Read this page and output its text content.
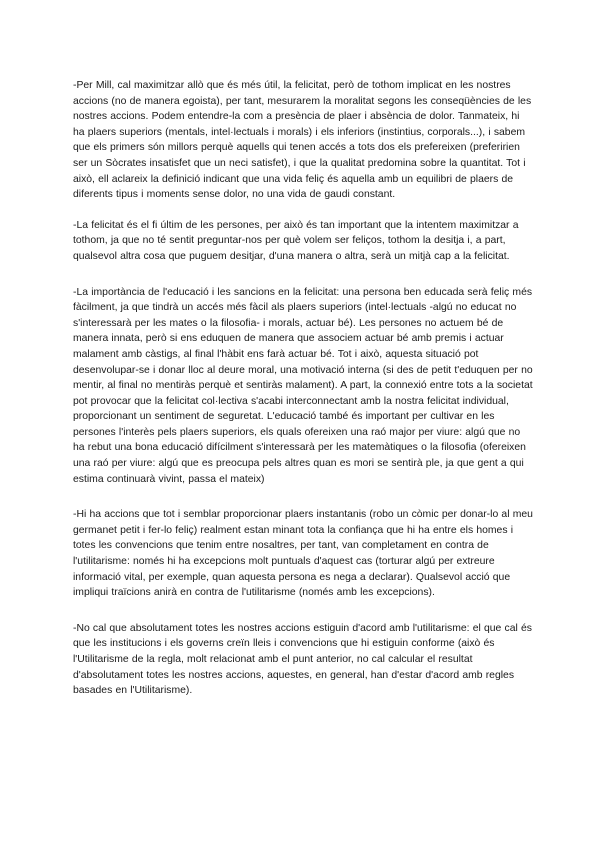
-Per Mill, cal maximitzar allò que és més útil, la felicitat, però de tothom implicat en les nostres accions (no de manera egoista), per tant, mesurarem la moralitat segons les conseqüències de les nostres accions. Podem entendre-la com a presència de plaer i absència de dolor. Tanmateix, hi ha plaers superiors (mentals, intel·lectuals i morals) i els inferiors (instintius, corporals...), i sabem que els primers són millors perquè aquells qui tenen accés a tots dos els prefereixen (preferirien ser un Sòcrates insatisfet que un neci satisfet), i que la qualitat predomina sobre la quantitat. Tot i això, ell aclareix la definició indicant que una vida feliç és aquella amb un equilibri de plaers de diferents tipus i moments sense dolor, no una vida de gaudi constant.

-La felicitat és el fi últim de les persones, per això és tan important que la intentem maximitzar a tothom, ja que no té sentit preguntar-nos per què volem ser feliços, tothom la desitja i, a part, qualsevol altra cosa que puguem desitjar, d'una manera o altra, serà un mitjà cap a la felicitat.

-La importància de l'educació i les sancions en la felicitat: una persona ben educada serà feliç més fàcilment, ja que tindrà un accés més fàcil als plaers superiors (intel·lectuals -algú no educat no s'interessarà per les mates o la filosofia- i morals, actuar bé). Les persones no actuem bé de manera innata, però si ens eduquen de manera que associem actuar bé amb premis i actuar malament amb càstigs, al final l'hàbit ens farà actuar bé. Tot i això, aquesta situació pot desenvolupar-se i donar lloc al deure moral, una motivació interna (si des de petit t'eduquen per no mentir, al final no mentiràs perquè et sentiràs malament). A part, la connexió entre tots a la societat pot provocar que la felicitat col·lectiva s'acabi interconnectant amb la nostra felicitat individual, proporcionant un sentiment de seguretat. L'educació també és important per cultivar en les persones l'interès pels plaers superiors, els quals ofereixen una raó major per viure: algú que no ha rebut una bona educació difícilment s'interessarà per les matemàtiques o la filosofia (ofereixen una raó per viure: algú que es preocupa pels altres quan es mori se sentirà ple, ja que gent a qui estima continuarà vivint, passa el mateix)

-Hi ha accions que tot i semblar proporcionar plaers instantanis (robo un còmic per donar-lo al meu germanet petit i fer-lo feliç) realment estan minant tota la confiança que hi ha entre els homes i totes les convencions que tenim entre nosaltres, per tant, van completament en contra de l'utilitarisme: només hi ha excepcions molt puntuals d'aquest cas (torturar algú per extreure informació vital, per exemple, quan aquesta persona es nega a declarar). Qualsevol acció que impliqui traïcions anirà en contra de l'utilitarisme (només amb les excepcions).

-No cal que absolutament totes les nostres accions estiguin d'acord amb l'utilitarisme: el que cal és que les institucions i els governs creïn lleis i convencions que hi estiguin conforme (això és l'Utilitarisme de la regla, molt relacionat amb el punt anterior, no cal calcular el resultat d'absolutament totes les nostres accions, aquestes, en general, han d'estar d'acord amb regles basades en l'Utilitarisme).
